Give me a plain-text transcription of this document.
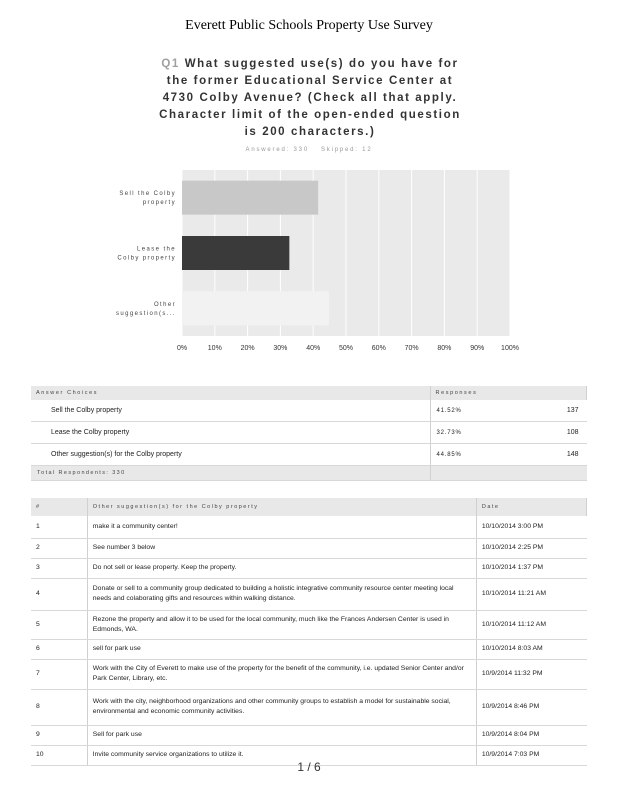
Everett Public Schools Property Use Survey
Q1 What suggested use(s) do you have for
the former Educational Service Center at
4730 Colby Avenue? (Check all that apply.
Character limit of the open-ended question
is 200 characters.)
Answered: 330 Skipped: 12
0%	10%	20%	30%	40%	50%	60%	70%	80%	90% 100%
Sell the Colby
property
Lease the
Colby property
Other
suggestion(s...
Answer Choices	Responses	
Sell the Colby property	41.52%	137
Lease the Colby property	32.73%	108
Other suggestion(s) for the Colby property	44.85%	148
Total Respondents: 330		
#	Other suggestion(s) for the Colby property	Date
1	make it a community center!	10/10/2014 3:00 PM
2	See number 3 below	10/10/2014 2:25 PM
3	Do not sell or lease property. Keep the property.	10/10/2014 1:37 PM
4	Donate or sell to a community group dedicated to building a holistic integrative community resource center meeting local needs and colaborating gifts and resources within walking distance.	10/10/2014 11:21 AM
5	Rezone the property and allow it to be used for the local community, much like the Frances Andersen Center is used in Edmonds, WA.	10/10/2014 11:12 AM
6	sell for park use	10/10/2014 8:03 AM
7	Work with the City of Everett to make use of the property for the benefit of the community, i.e. updated Senior Center and/or Park Center, Library, etc.	10/9/2014 11:32 PM
8	Work with the city, neighborhood organizations and other community groups to establish a model for sustainable social, environmental and economic community activities.	10/9/2014 8:46 PM
9	Sell for park use	10/9/2014 8:04 PM
10	Invite community service organizations to utilize it.	10/9/2014 7:03 PM
1 / 6
